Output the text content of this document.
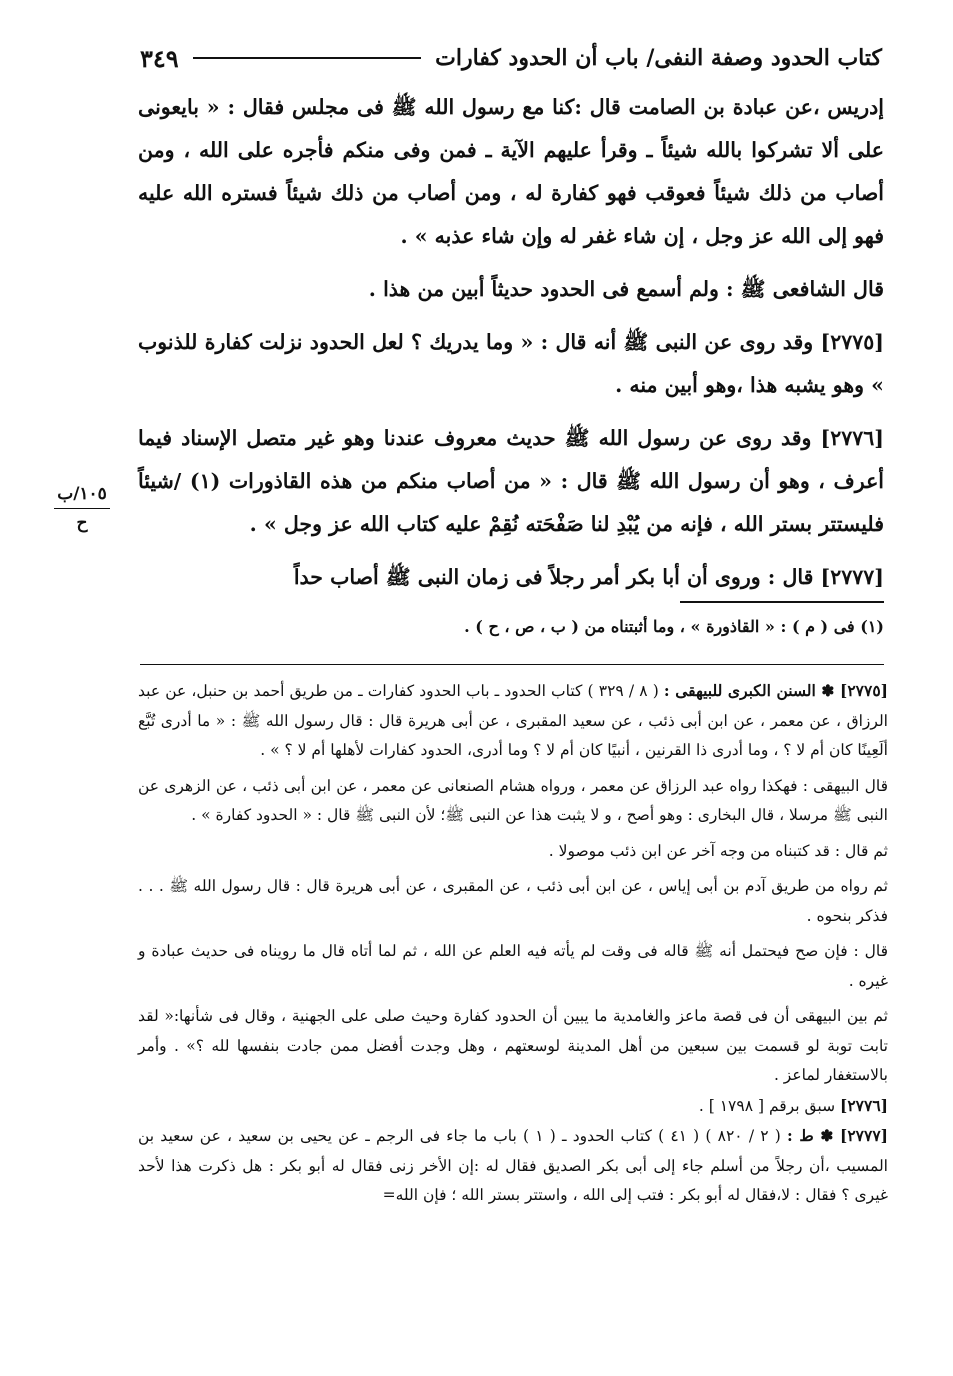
كتاب الحدود وصفة النفى/ باب أن الحدود كفارات
٣٤٩

إدريس ،عن عبادة بن الصامت قال :كنا مع رسول الله ﷺ فى مجلس فقال : « بايعونى على ألا تشركوا بالله شيئاً ـ وقرأ عليهم الآية ـ فمن وفى منكم فأجره على الله ، ومن أصاب من ذلك شيئاً فعوقب فهو كفارة له ، ومن أصاب من ذلك شيئاً فستره الله عليه فهو إلى الله عز وجل ، إن شاء غفر له وإن شاء عذبه » .

قال الشافعى ﷺ : ولم أسمع فى الحدود حديثاً أبين من هذا .

[٢٧٧٥] وقد روى عن النبى ﷺ أنه قال : « وما يدريك ؟ لعل الحدود نزلت كفارة للذنوب » وهو يشبه هذا ،وهو أبين منه .

[٢٧٧٦] وقد روى عن رسول الله ﷺ حديث معروف عندنا وهو غير متصل الإسناد فيما أعرف ، وهو أن رسول الله ﷺ قال : « من أصاب منكم من هذه القاذورات (١) /شيئاً فليستتر بستر الله ، فإنه من يُبْدِ لنا صَفْحَته نُقِمْ عليه كتاب الله عز وجل » .

[٢٧٧٧] قال : وروى أن أبا بكر أمر رجلاً فى زمان النبى ﷺ أصاب حداً

١٠٥/ب
ح
(١) فى ( م ) : « القاذورة » ، وما أثبتناه من ( ب ، ص ، ح ) .

[٢٧٧٥] ✽ السنن الكبرى للبيهقى : ( ٨ / ٣٢٩ ) كتاب الحدود ـ باب الحدود كفارات ـ من طريق أحمد بن حنبل، عن عبد الرزاق ، عن معمر ، عن ابن أبى ذئب ، عن سعيد المقبرى ، عن أبى هريرة قال : قال رسول الله ﷺ : « ما أدرى تُبَّع ألَعِينًا كان أم لا ؟ ، وما أدرى ذا القرنين ، أنبيًا كان أم لا ؟ وما أدرى، الحدود كفارات لأهلها أم لا ؟ » .

قال البيهقى : فهكذا رواه عبد الرزاق عن معمر ، ورواه هشام الصنعانى عن معمر ، عن ابن أبى ذئب ، عن الزهرى عن النبى ﷺ مرسلا ، قال البخارى : وهو أصح ، و لا يثبت هذا عن النبى ﷺ؛ لأن النبى ﷺ قال : « الحدود كفارة » .

ثم قال : قد كتبناه من وجه آخر عن ابن ذئب موصولا .

ثم رواه من طريق آدم بن أبى إياس ، عن ابن أبى ذئب ، عن المقبرى ، عن أبى هريرة قال : قال رسول الله ﷺ . . . فذكر بنحوه .

قال : فإن صح فيحتمل أنه ﷺ قاله فى وقت لم يأته فيه العلم عن الله ، ثم لما أتاه قال ما رويناه فى حديث عبادة و غيره .

ثم بين البيهقى أن فى قصة ماعز والغامدية ما يبين أن الحدود كفارة وحيث صلى على الجهنية ، وقال فى شأنها:« لقد تابت توبة لو قسمت بين سبعين من أهل المدينة لوسعتهم ، وهل وجدت أفضل ممن جادت بنفسها لله ؟» . وأمر بالاستغفار لماعز .

[٢٧٧٦] سبق برقم [ ١٧٩٨ ] .

[٢٧٧٧] ✽ ط : ( ٢ / ٨٢٠ ) ( ٤١ ) كتاب الحدود ـ ( ١ ) باب ما جاء فى الرجم ـ عن يحيى بن سعيد ، عن سعيد بن المسيب ،أن رجلاً من أسلم جاء إلى أبى بكر الصديق فقال له :إن الأخر زنى فقال له أبو بكر : هل ذكرت هذا لأحد غيرى ؟ فقال : لا،فقال له أبو بكر : فتب إلى الله ، واستتر بستر الله ؛ فإن الله=
